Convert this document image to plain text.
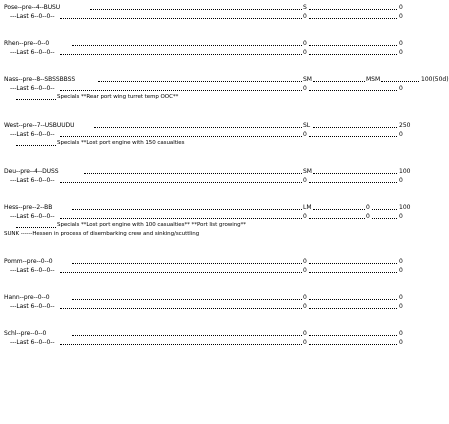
Pose--pre--4--BUSU	S	0
---Last 6--0--0--	0	0
Rhen--pre--0--0	0	0
---Last 6--0--0--	0	0
Nass--pre--8--SBSSBBSS	SM	MSM	100(50d)
---Last 6--0--0--	0	0
Specials **Rear port wing turret temp OOC**
West--pre--7--USBUUDU	SL	250
---Last 6--0--0--	0	0
Specials **Lost port engine with 150 casualties
Deu--pre--4--DUSS	SM	100
---Last 6--0--0--	0	0
Hess--pre--2--BB	LM	0	100
---Last 6--0--0--	0	0	0
Specials **Lost port engine with 100 casualties** **Port list growing**
SUNK ------Hessen in process of disembarking crew and sinking/scuttling
Pomm--pre--0--0	0	0
---Last 6--0--0--	0	0
Hann--pre--0--0	0	0
---Last 6--0--0--	0	0
Schl--pre--0--0	0	0
---Last 6--0--0--	0	0
